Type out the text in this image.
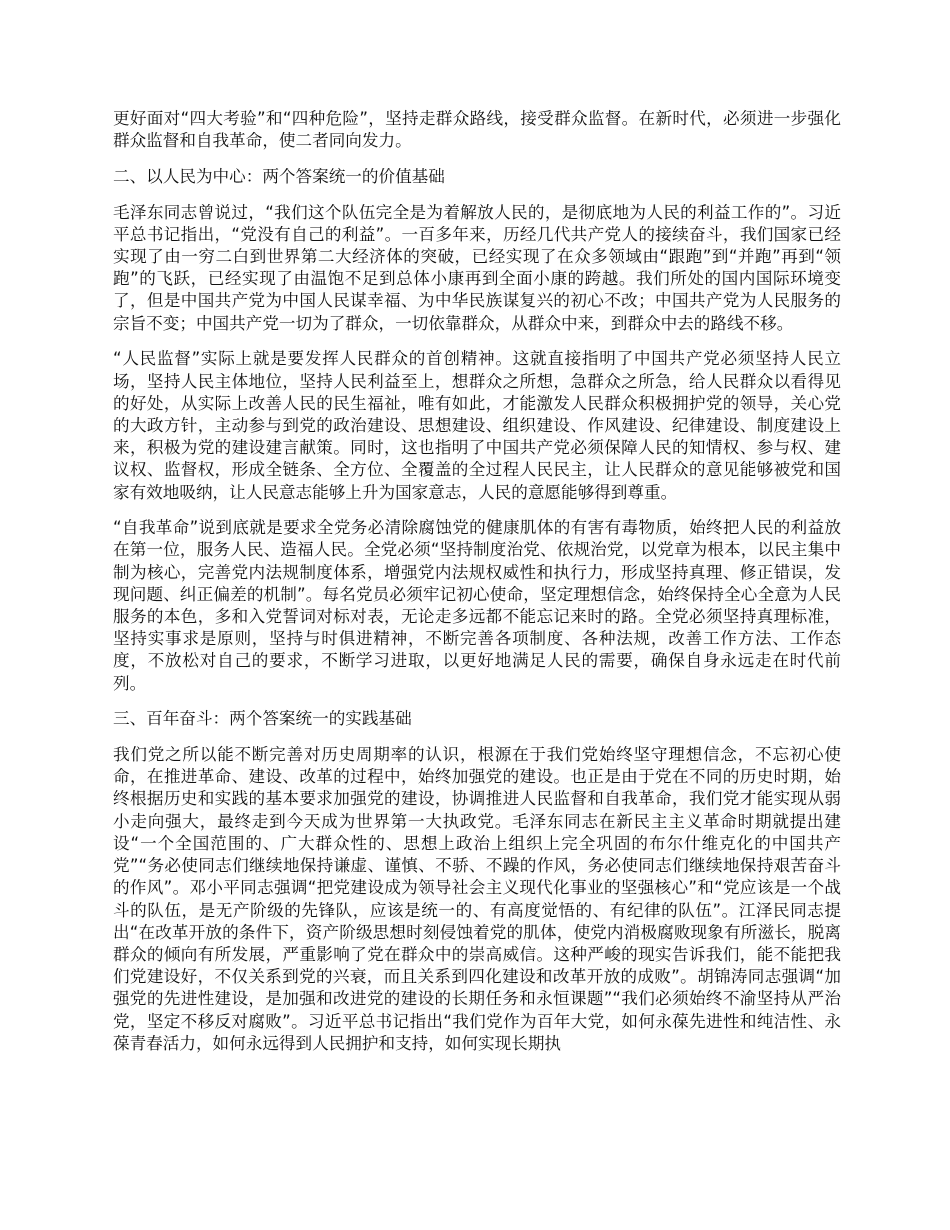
更好面对“四大考验”和“四种危险”，坚持走群众路线，接受群众监督。在新时代，必须进一步强化群众监督和自我革命，使二者同向发力。

二、以人民为中心：两个答案统一的价值基础

毛泽东同志曾说过，“我们这个队伍完全是为着解放人民的，是彻底地为人民的利益工作的”。习近平总书记指出，“党没有自己的利益”。一百多年来，历经几代共产党人的接续奋斗，我们国家已经实现了由一穷二白到世界第二大经济体的突破，已经实现了在众多领域由“跟跑”到“并跑”再到“领跑”的飞跃，已经实现了由温饱不足到总体小康再到全面小康的跨越。我们所处的国内国际环境变了，但是中国共产党为中国人民谋幸福、为中华民族谋复兴的初心不改；中国共产党为人民服务的宗旨不变；中国共产党一切为了群众，一切依靠群众，从群众中来，到群众中去的路线不移。

“人民监督”实际上就是要发挥人民群众的首创精神。这就直接指明了中国共产党必须坚持人民立场，坚持人民主体地位，坚持人民利益至上，想群众之所想，急群众之所急，给人民群众以看得见的好处，从实际上改善人民的民生福祉，唯有如此，才能激发人民群众积极拥护党的领导，关心党的大政方针，主动参与到党的政治建设、思想建设、组织建设、作风建设、纪律建设、制度建设上来，积极为党的建设建言献策。同时，这也指明了中国共产党必须保障人民的知情权、参与权、建议权、监督权，形成全链条、全方位、全覆盖的全过程人民民主，让人民群众的意见能够被党和国家有效地吸纳，让人民意志能够上升为国家意志，人民的意愿能够得到尊重。

“自我革命”说到底就是要求全党务必清除腐蚀党的健康肌体的有害有毒物质，始终把人民的利益放在第一位，服务人民、造福人民。全党必须“坚持制度治党、依规治党，以党章为根本，以民主集中制为核心，完善党内法规制度体系，增强党内法规权威性和执行力，形成坚持真理、修正错误，发现问题、纠正偏差的机制”。每名党员必须牢记初心使命，坚定理想信念，始终保持全心全意为人民服务的本色，多和入党誓词对标对表，无论走多远都不能忘记来时的路。全党必须坚持真理标准，坚持实事求是原则，坚持与时俱进精神，不断完善各项制度、各种法规，改善工作方法、工作态度，不放松对自己的要求，不断学习进取，以更好地满足人民的需要，确保自身永远走在时代前列。

三、百年奋斗：两个答案统一的实践基础

我们党之所以能不断完善对历史周期率的认识，根源在于我们党始终坚守理想信念，不忘初心使命，在推进革命、建设、改革的过程中，始终加强党的建设。也正是由于党在不同的历史时期，始终根据历史和实践的基本要求加强党的建设，协调推进人民监督和自我革命，我们党才能实现从弱小走向强大，最终走到今天成为世界第一大执政党。毛泽东同志在新民主主义革命时期就提出建设“一个全国范围的、广大群众性的、思想上政治上组织上完全巩固的布尔什维克化的中国共产党”“务必使同志们继续地保持谦虚、谨慎、不骄、不躁的作风，务必使同志们继续地保持艰苦奋斗的作风”。邓小平同志强调“把党建设成为领导社会主义现代化事业的坚强核心”和“党应该是一个战斗的队伍，是无产阶级的先锋队，应该是统一的、有高度觉悟的、有纪律的队伍”。江泽民同志提出“在改革开放的条件下，资产阶级思想时刻侵蚀着党的肌体，使党内消极腐败现象有所滋长，脱离群众的倾向有所发展，严重影响了党在群众中的崇高威信。这种严峻的现实告诉我们，能不能把我们党建设好，不仅关系到党的兴衰，而且关系到四化建设和改革开放的成败”。胡锦涛同志强调“加强党的先进性建设，是加强和改进党的建设的长期任务和永恒课题”“我们必须始终不渝坚持从严治党，坚定不移反对腐败”。习近平总书记指出“我们党作为百年大党，如何永葆先进性和纯洁性、永葆青春活力，如何永远得到人民拥护和支持，如何实现长期执
